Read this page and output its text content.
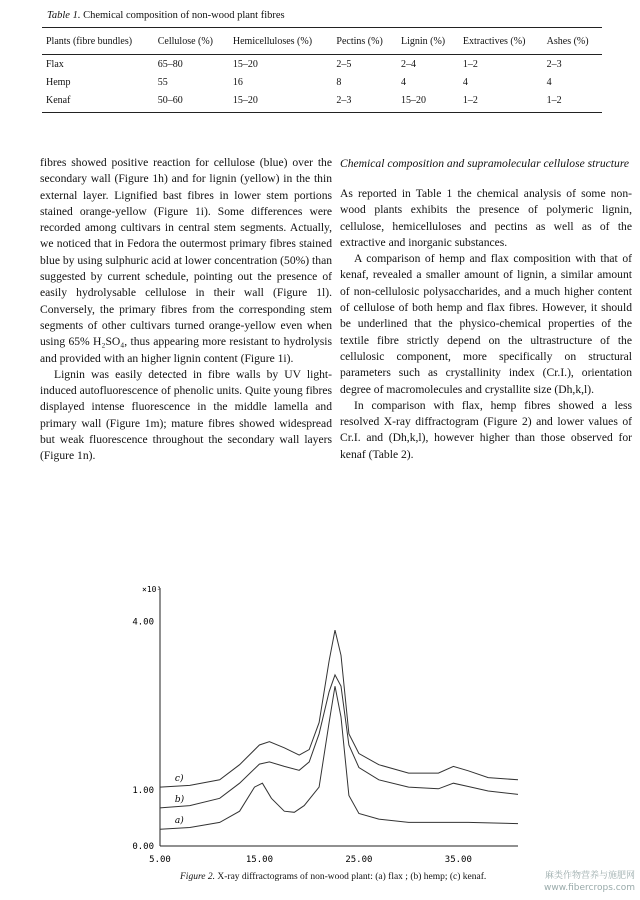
Table 1. Chemical composition of non-wood plant fibres
Plants (fibre bundles)	Cellulose (%)	Hemicelluloses (%)	Pectins (%)	Lignin (%)	Extractives (%)	Ashes (%)
Flax	65–80	15–20	2–5	2–4	1–2	2–3
Hemp	55	16	8	4	4	4
Kenaf	50–60	15–20	2–3	15–20	1–2	1–2

fibres showed positive reaction for cellulose (blue) over the secondary wall (Figure 1h) and for lignin (yellow) in the thin external layer. Lignified bast fibres in lower stem portions stained orange-yellow (Figure 1i). Some differences were recorded among cultivars in central stem segments. Actually, we noticed that in Fedora the outermost primary fibres stained blue by using sulphuric acid at lower concentration (50%) than suggested by current schedule, pointing out the presence of easily hydrolysable cellulose in their wall (Figure 1l). Conversely, the primary fibres from the corresponding stem segments of other cultivars turned orange-yellow even when using 65% H₂SO₄, thus appearing more resistant to hydrolysis and provided with an higher lignin content (Figure 1i).

Lignin was easily detected in fibre walls by UV light-induced autofluorescence of phenolic units. Quite young fibres displayed intense fluorescence in the middle lamella and primary wall (Figure 1m); mature fibres showed widespread but weak fluorescence throughout the secondary wall layers (Figure 1n).

Chemical composition and supramolecular cellulose structure

As reported in Table 1 the chemical analysis of some non-wood plants exhibits the presence of polymeric lignin, cellulose, hemicelluloses and pectins as well as of the extractive and inorganic substances.

A comparison of hemp and flax composition with that of kenaf, revealed a smaller amount of lignin, a similar amount of non-cellulosic polysaccharides, and a much higher content of cellulose of both hemp and flax fibres. However, it should be underlined that the physico-chemical properties of the textile fibre strictly depend on the ultrastructure of the cellulosic component, more specifically on structural parameters such as crystallinity index (Cr.I.), orientation degree of macromolecules and crystallite size (Dh,k,l).

In comparison with flax, hemp fibres showed a less resolved X-ray diffractogram (Figure 2) and lower values of Cr.I. and (Dh,k,l), however higher than those observed for kenaf (Table 2).

×10³
4.00
1.00
0.00
5.00	15.00	25.00	35.00
c)
b)
a)
Figure 2. X-ray diffractograms of non-wood plant: (a) flax ; (b) hemp; (c) kenaf.	麻类作物营养与施肥网
www.fibercrops.com
